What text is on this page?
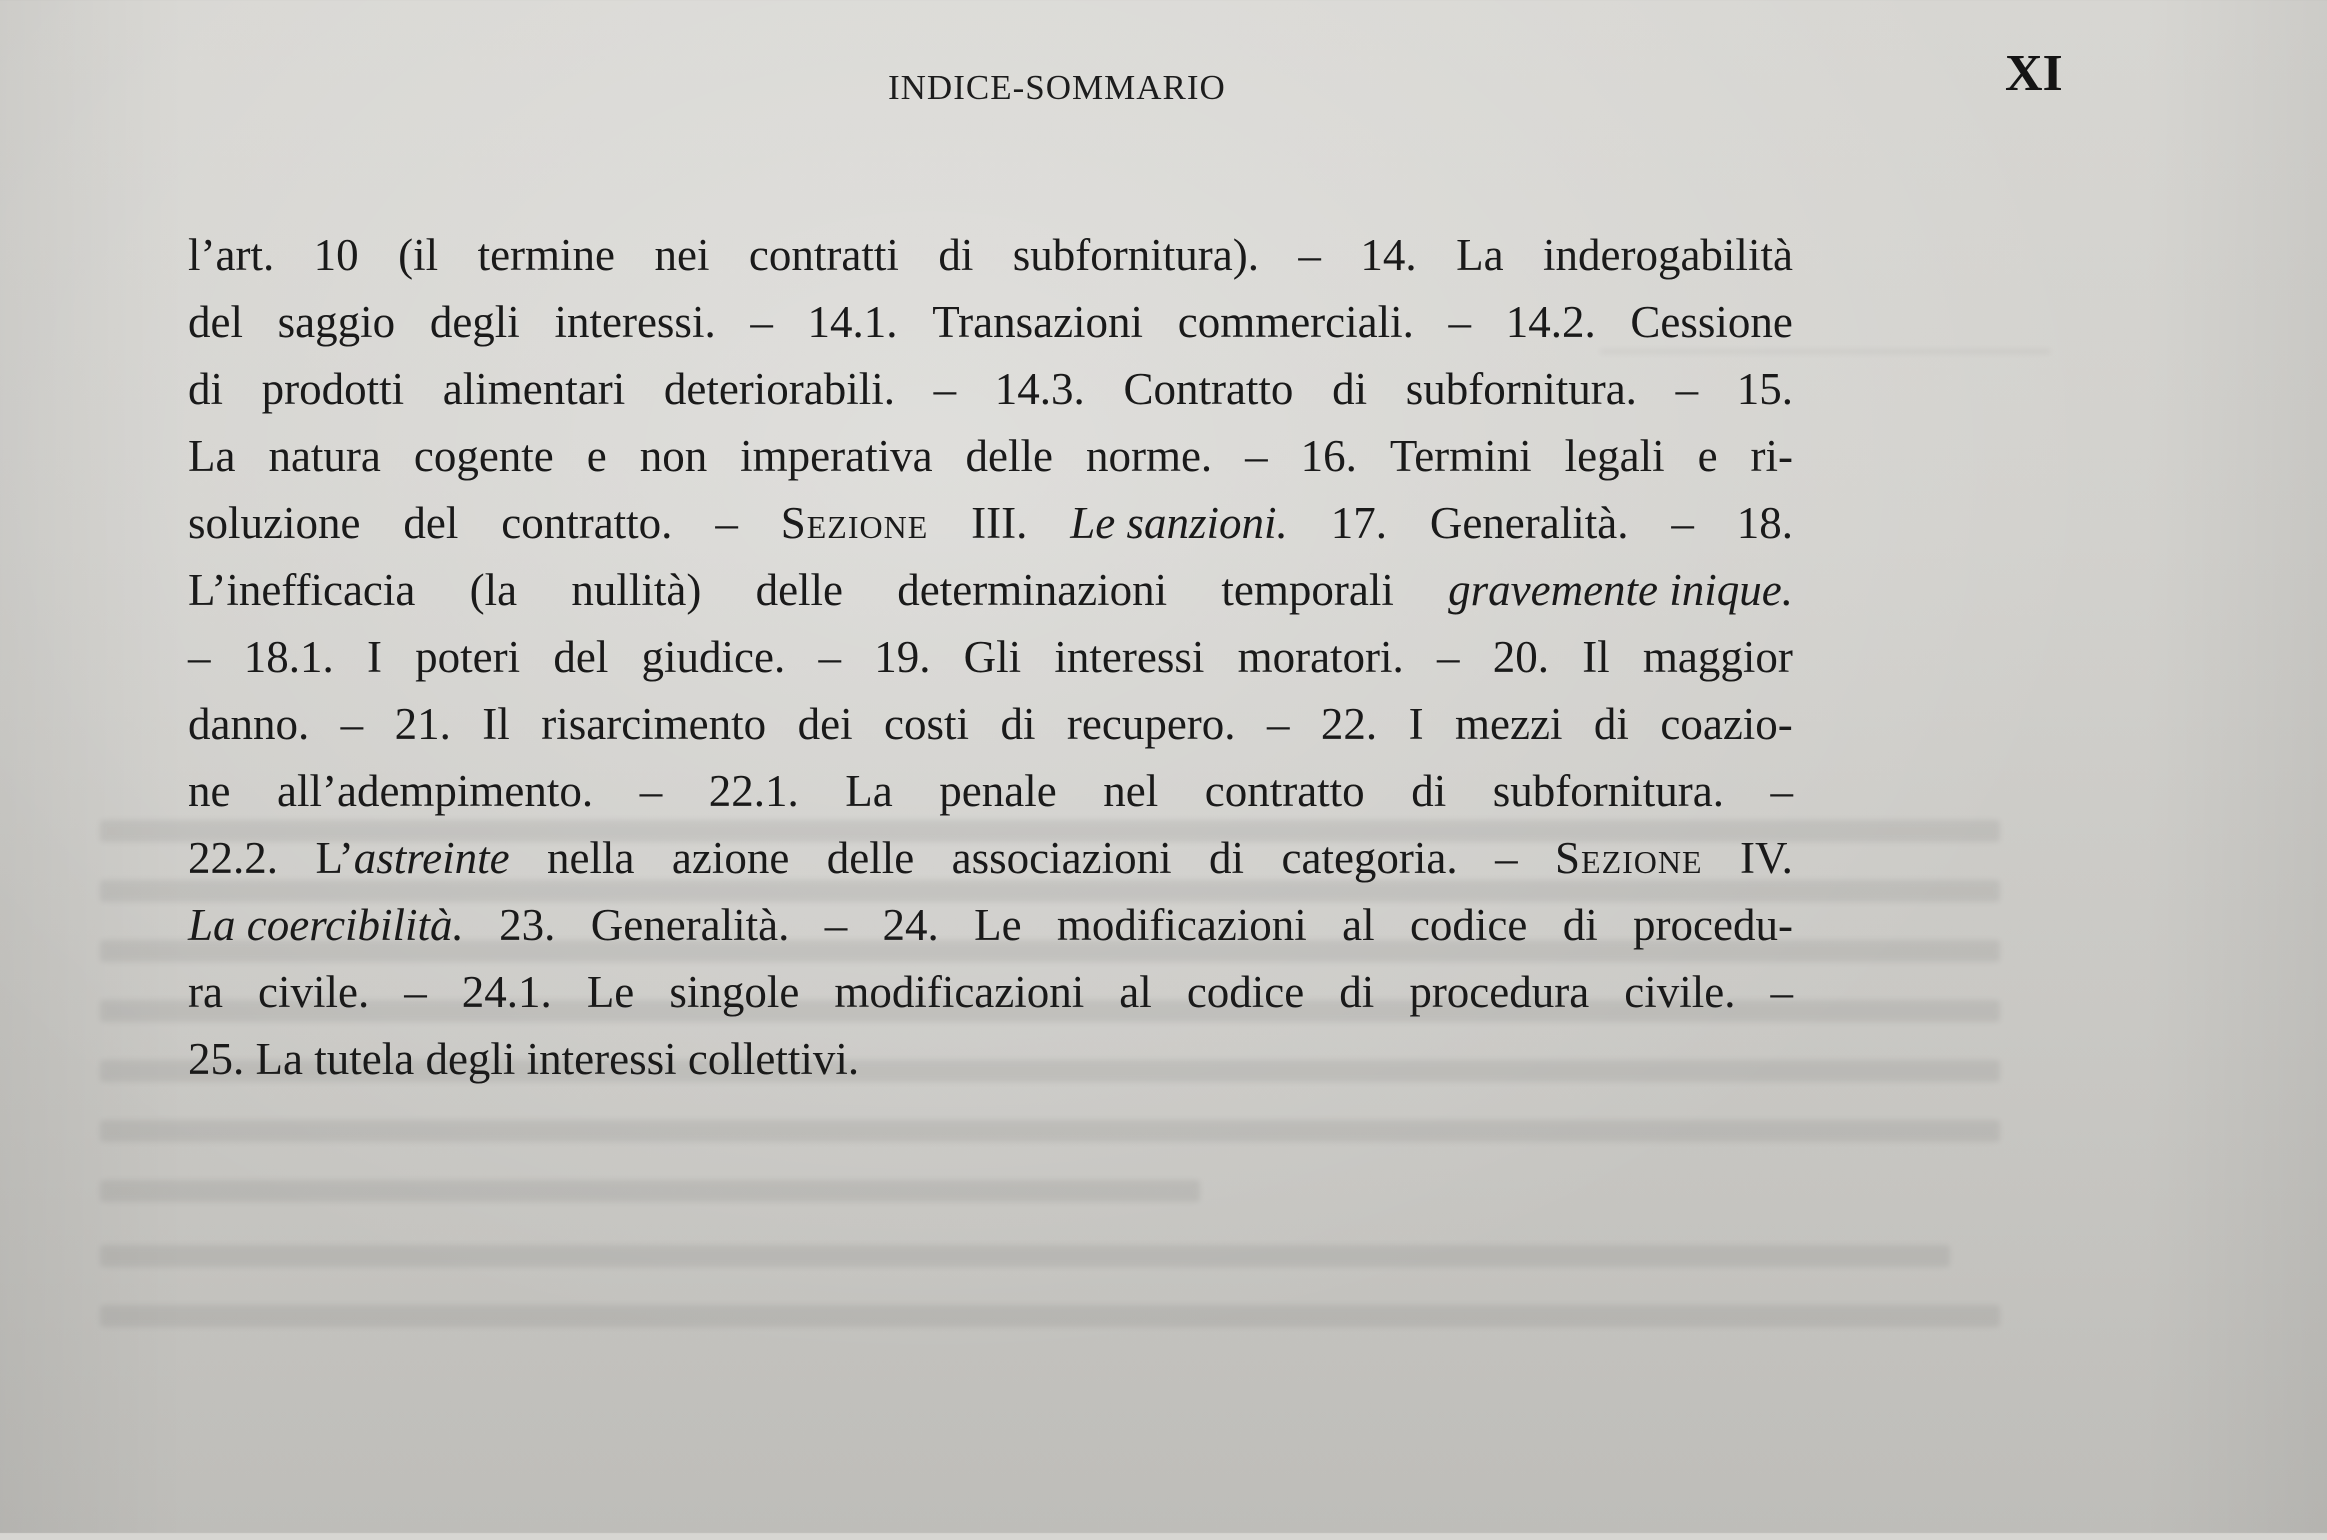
INDICE-SOMMARIO	XI
l’art. 10 (il termine nei contratti di subfornitura). – 14. La inderogabilità
del saggio degli interessi. – 14.1. Transazioni commerciali. – 14.2. Cessione
di prodotti alimentari deteriorabili. – 14.3. Contratto di subfornitura. – 15.
La natura cogente e non imperativa delle norme. – 16. Termini legali e ri-
soluzione del contratto. – Sezione III. Le sanzioni. 17. Generalità. – 18.
L’inefficacia (la nullità) delle determinazioni temporali gravemente inique.
– 18.1. I poteri del giudice. – 19. Gli interessi moratori. – 20. Il maggior
danno. – 21. Il risarcimento dei costi di recupero. – 22. I mezzi di coazio-
ne all’adempimento. – 22.1. La penale nel contratto di subfornitura. –
22.2. L’astreinte nella azione delle associazioni di categoria. – Sezione IV.
La coercibilità. 23. Generalità. – 24. Le modificazioni al codice di procedu-
ra civile. – 24.1. Le singole modificazioni al codice di procedura civile. –
25.
La
tutela
degli
interessi
collettivi.
